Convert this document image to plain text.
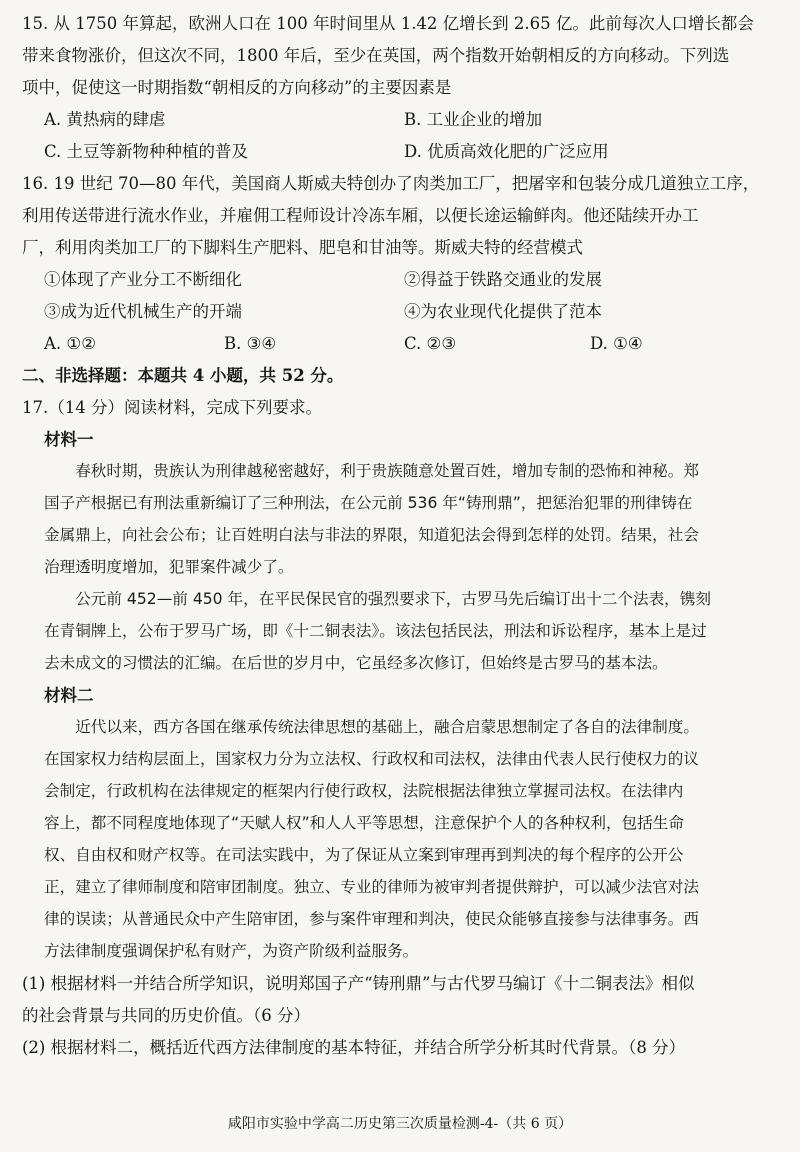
15. 从 1750 年算起，欧洲人口在 100 年时间里从 1.42 亿增长到 2.65 亿。此前每次人口增长都会
带来食物涨价，但这次不同，1800 年后，至少在英国，两个指数开始朝相反的方向移动。下列选
项中，促使这一时期指数“朝相反的方向移动”的主要因素是
A. 黄热病的肆虐	B. 工业企业的增加
C. 土豆等新物种种植的普及	D. 优质高效化肥的广泛应用
16. 19 世纪 70—80 年代，美国商人斯威夫特创办了肉类加工厂，把屠宰和包装分成几道独立工序，
利用传送带进行流水作业，并雇佣工程师设计冷冻车厢，以便长途运输鲜肉。他还陆续开办工
厂，利用肉类加工厂的下脚料生产肥料、肥皂和甘油等。斯威夫特的经营模式
①体现了产业分工不断细化	②得益于铁路交通业的发展
③成为近代机械生产的开端	④为农业现代化提供了范本
A. ①②	B. ③④	C. ②③	D. ①④
二、非选择题：本题共 4 小题，共 52 分。
17.（14 分）阅读材料，完成下列要求。
材料一
　　春秋时期，贵族认为刑律越秘密越好，利于贵族随意处置百姓，增加专制的恐怖和神秘。郑
国子产根据已有刑法重新编订了三种刑法，在公元前 536 年“铸刑鼎”，把惩治犯罪的刑律铸在
金属鼎上，向社会公布；让百姓明白法与非法的界限，知道犯法会得到怎样的处罚。结果，社会
治理透明度增加，犯罪案件减少了。
　　公元前 452—前 450 年，在平民保民官的强烈要求下，古罗马先后编订出十二个法表，镌刻
在青铜牌上，公布于罗马广场，即《十二铜表法》。该法包括民法，刑法和诉讼程序，基本上是过
去未成文的习惯法的汇编。在后世的岁月中，它虽经多次修订，但始终是古罗马的基本法。
材料二
　　近代以来，西方各国在继承传统法律思想的基础上，融合启蒙思想制定了各自的法律制度。
在国家权力结构层面上，国家权力分为立法权、行政权和司法权，法律由代表人民行使权力的议
会制定，行政机构在法律规定的框架内行使行政权，法院根据法律独立掌握司法权。在法律内
容上，都不同程度地体现了“天赋人权”和人人平等思想，注意保护个人的各种权利，包括生命
权、自由权和财产权等。在司法实践中，为了保证从立案到审理再到判决的每个程序的公开公
正，建立了律师制度和陪审团制度。独立、专业的律师为被审判者提供辩护，可以减少法官对法
律的误读；从普通民众中产生陪审团，参与案件审理和判决，使民众能够直接参与法律事务。西
方法律制度强调保护私有财产，为资产阶级利益服务。
(1) 根据材料一并结合所学知识，说明郑国子产“铸刑鼎”与古代罗马编订《十二铜表法》相似
的社会背景与共同的历史价值。（6 分）
(2) 根据材料二，概括近代西方法律制度的基本特征，并结合所学分析其时代背景。（8 分）
咸阳市实验中学高二历史第三次质量检测-4-（共 6 页）
